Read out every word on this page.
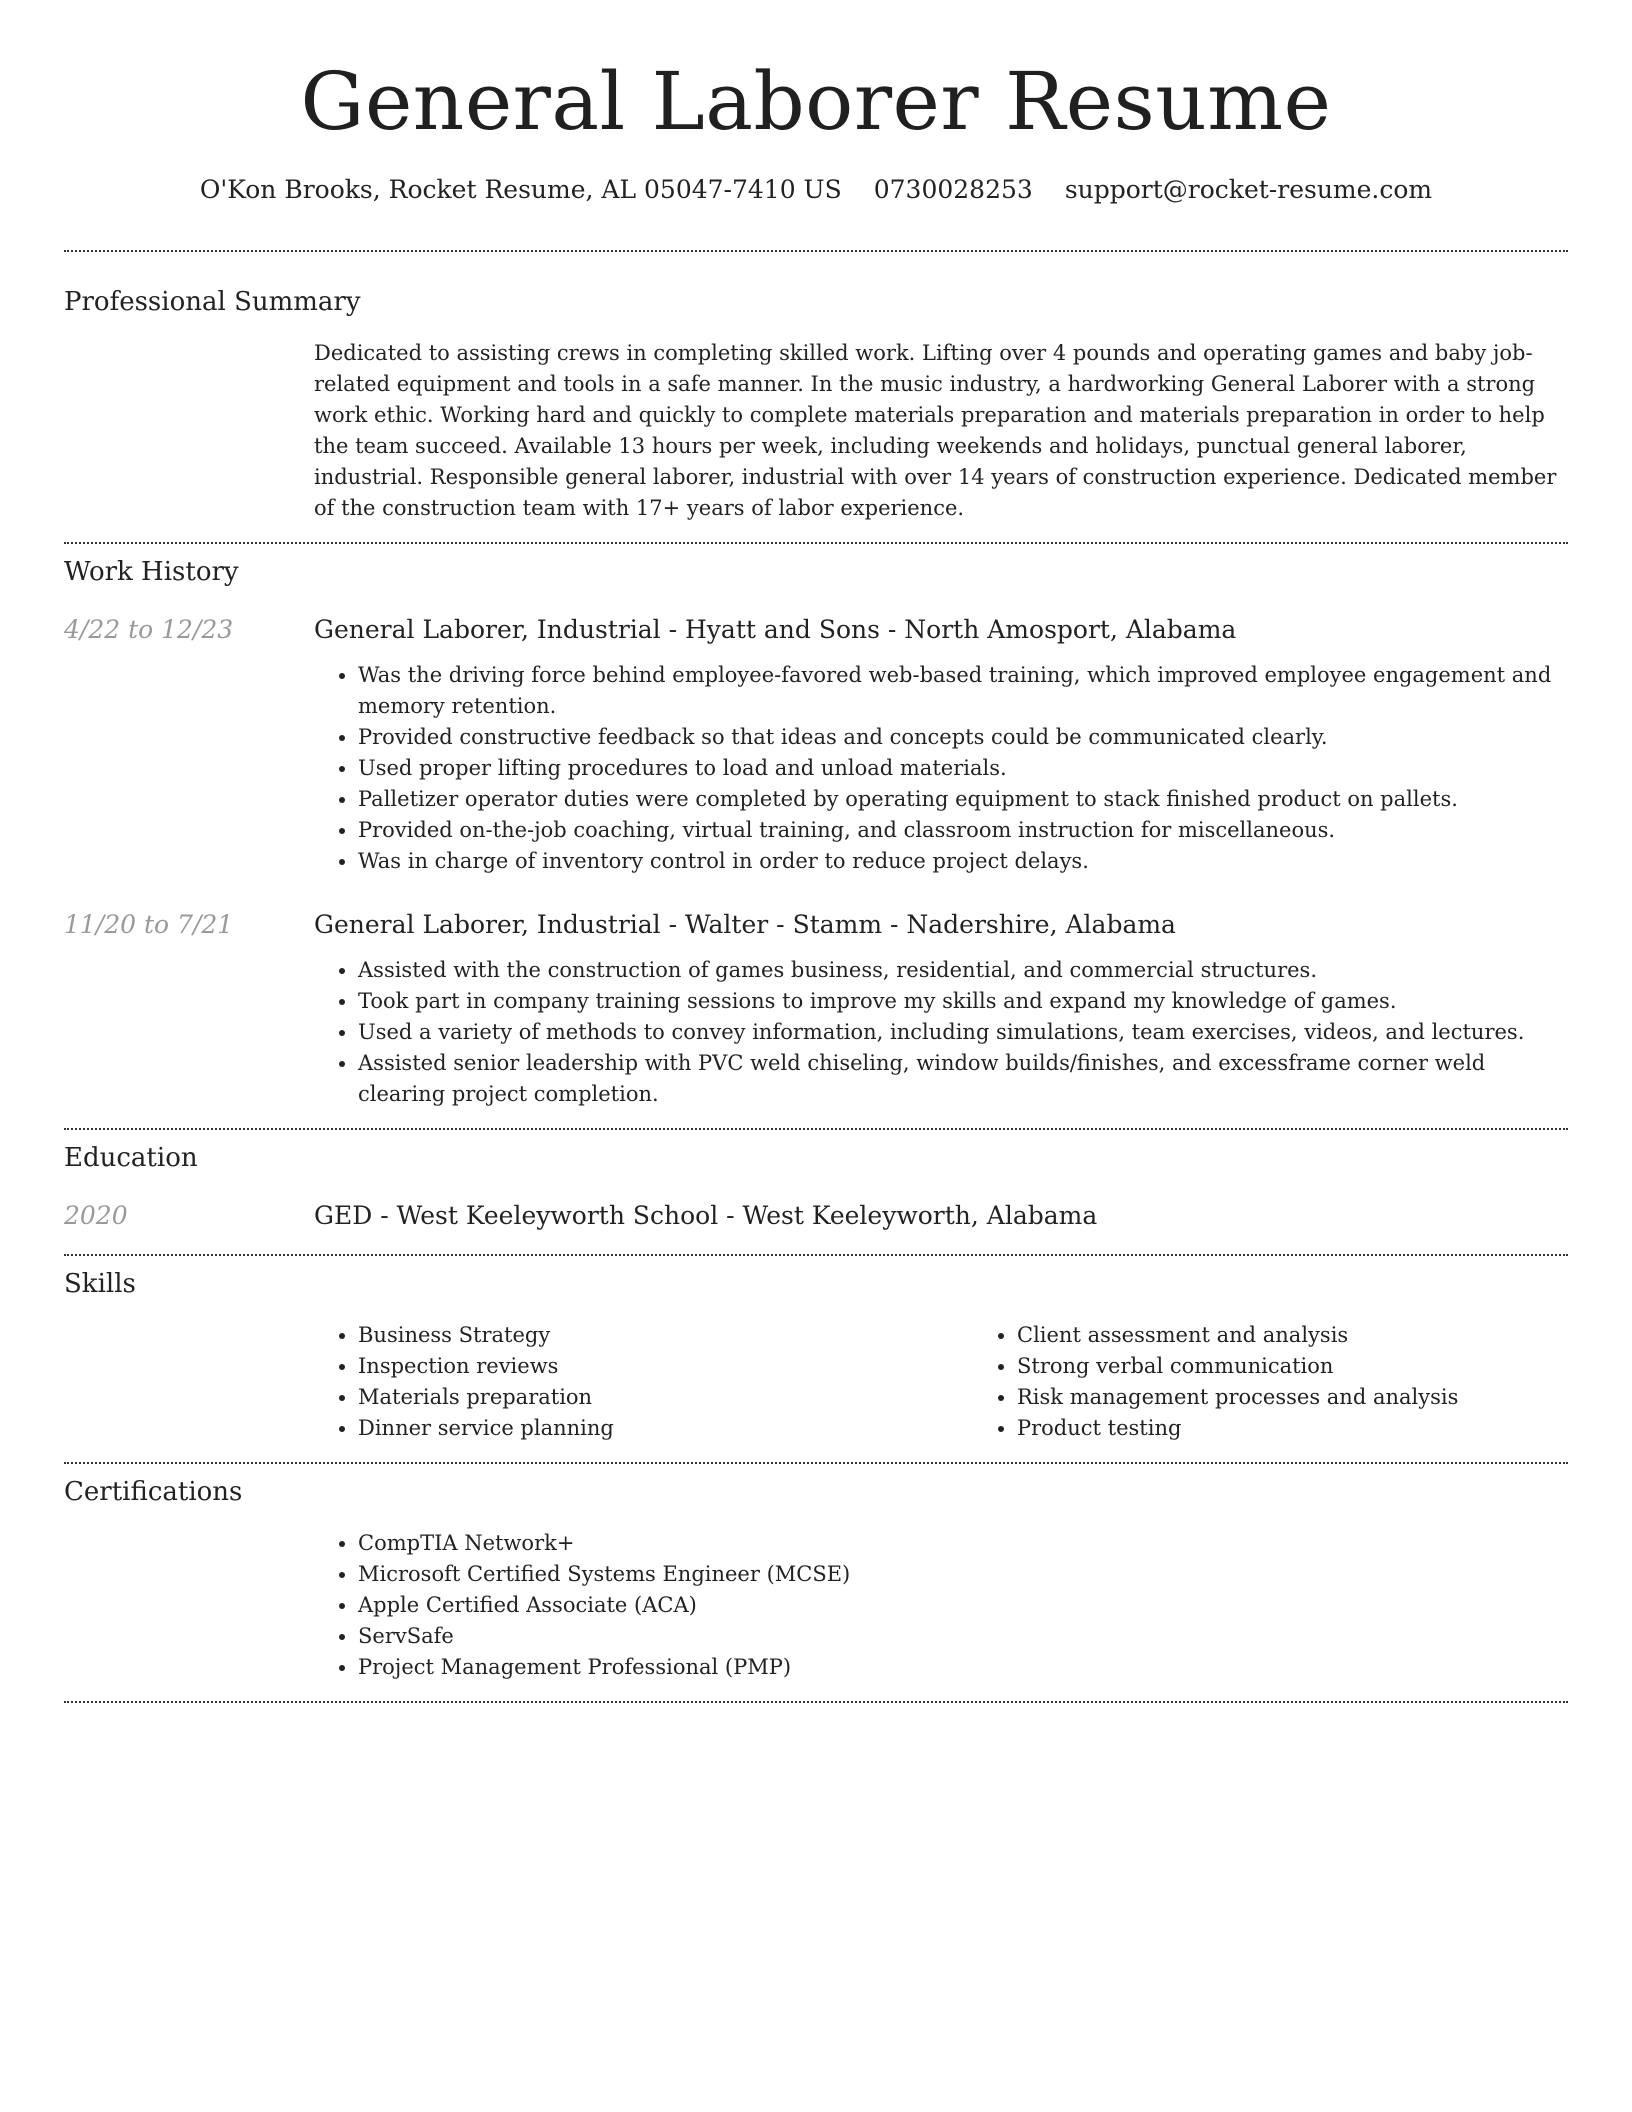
General Laborer Resume
O'Kon Brooks, Rocket Resume, AL 05047-7410 US 0730028253 support@rocket-resume.com
Professional Summary

Dedicated to assisting crews in completing skilled work. Lifting over 4 pounds and operating games and baby job-related equipment and tools in a safe manner. In the music industry, a hardworking General Laborer with a strong work ethic. Working hard and quickly to complete materials preparation and materials preparation in order to help the team succeed. Available 13 hours per week, including weekends and holidays, punctual general laborer, industrial. Responsible general laborer, industrial with over 14 years of construction experience. Dedicated member of the construction team with 17+ years of labor experience.

Work History
4/22 to 12/23	General Laborer, Industrial - Hyatt and Sons - North Amosport, Alabama
• Was the driving force behind employee-favored web-based training, which improved employee engagement and memory retention.
• Provided constructive feedback so that ideas and concepts could be communicated clearly.
• Used proper lifting procedures to load and unload materials.
• Palletizer operator duties were completed by operating equipment to stack finished product on pallets.
• Provided on-the-job coaching, virtual training, and classroom instruction for miscellaneous.
• Was in charge of inventory control in order to reduce project delays.
11/20 to 7/21	General Laborer, Industrial - Walter - Stamm - Nadershire, Alabama
• Assisted with the construction of games business, residential, and commercial structures.
• Took part in company training sessions to improve my skills and expand my knowledge of games.
• Used a variety of methods to convey information, including simulations, team exercises, videos, and lectures.
• Assisted senior leadership with PVC weld chiseling, window builds/finishes, and excessframe corner weld clearing project completion.
Education
2020	GED - West Keeleyworth School - West Keeleyworth, Alabama
Skills
• Business Strategy
• Inspection reviews
• Materials preparation
• Dinner service planning
• Client assessment and analysis
• Strong verbal communication
• Risk management processes and analysis
• Product testing
Certifications
• CompTIA Network+
• Microsoft Certified Systems Engineer (MCSE)
• Apple Certified Associate (ACA)
• ServSafe
• Project Management Professional (PMP)
